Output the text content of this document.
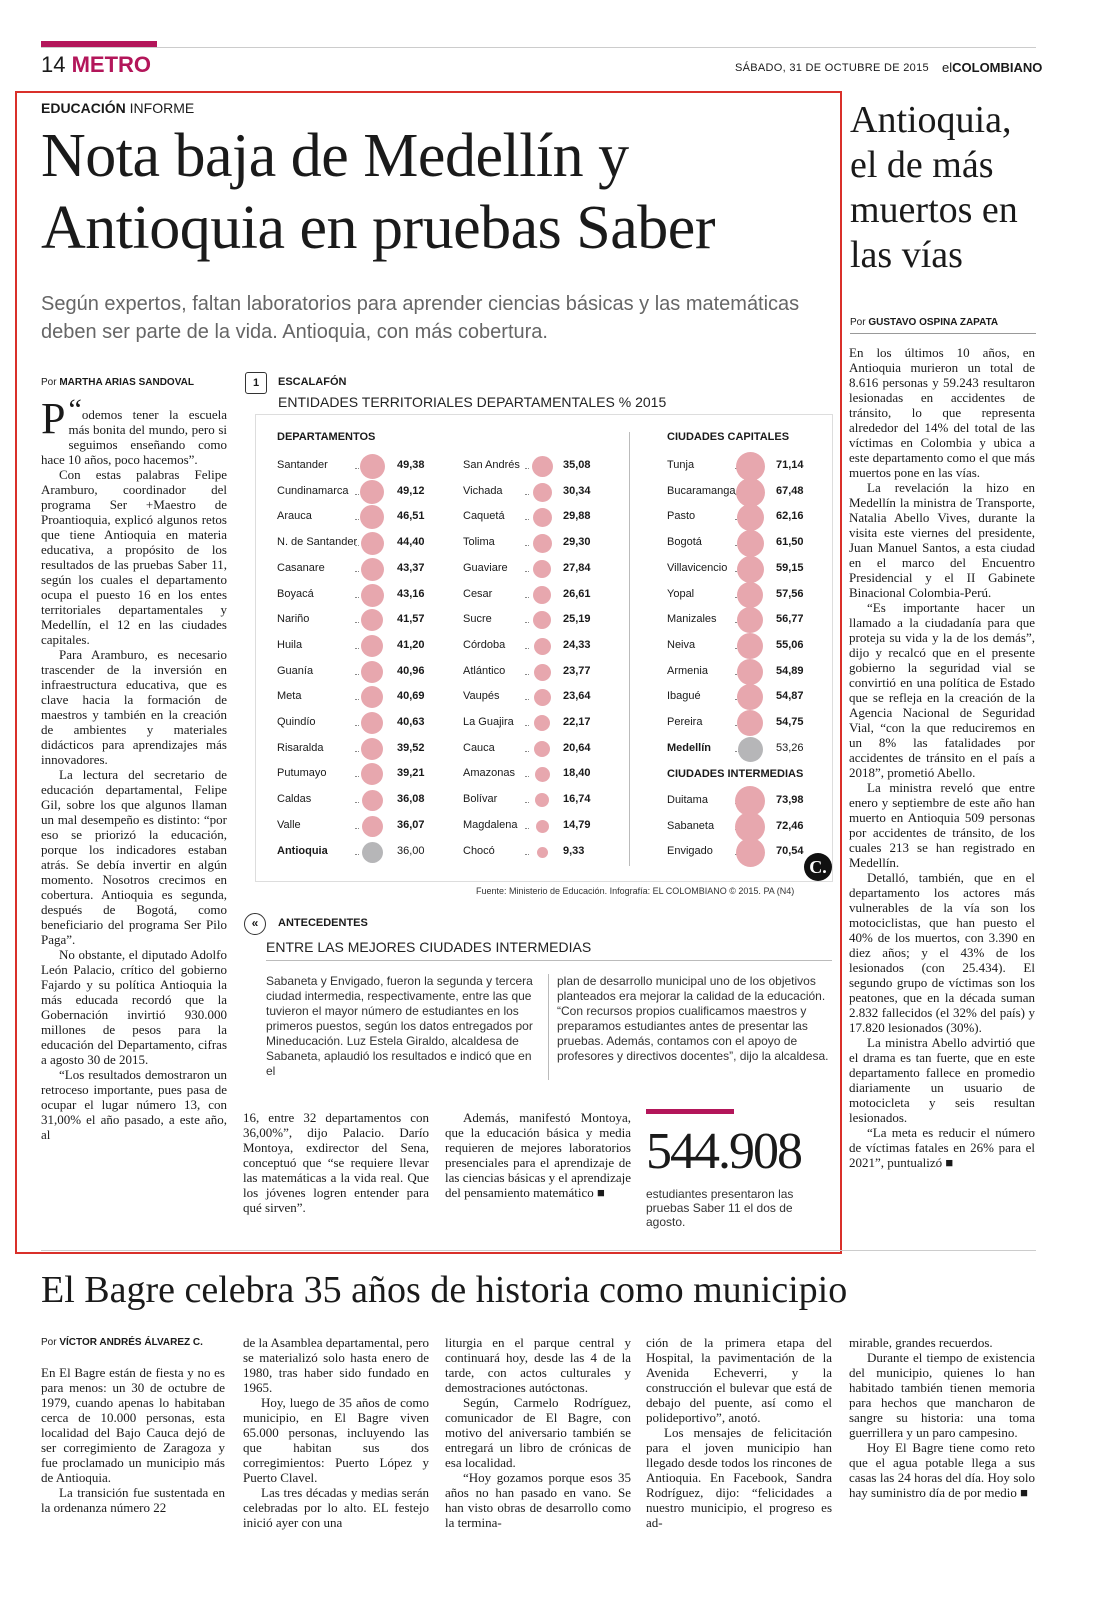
14 METRO	SÁBADO, 31 DE OCTUBRE DE 2015 elCOLOMBIANO
EDUCACIÓN INFORME
Nota baja de Medellín y Antioquia en pruebas Saber
Según expertos, faltan laboratorios para aprender ciencias básicas y las matemáticas deben ser parte de la vida. Antioquia, con más cobertura.
Por MARTHA ARIAS SANDOVAL

“
P odemos tener la escuela más bonita del mundo, pero si seguimos enseñando como hace 10 años, poco hacemos”.

Con estas palabras Felipe Aramburo, coordinador del programa Ser +Maestro de Proantioquia, explicó algunos retos que tiene Antioquia en materia educativa, a propósito de los resultados de las pruebas Saber 11, según los cuales el departamento ocupa el puesto 16 en los entes territoriales departamentales y Medellín, el 12 en las ciudades capitales.

Para Aramburo, es necesario trascender de la inversión en infraestructura educativa, que es clave hacia la formación de maestros y también en la creación de ambientes y materiales didácticos para aprendizajes más innovadores.

La lectura del secretario de educación departamental, Felipe Gil, sobre los que algunos llaman un mal desempeño es distinto: “por eso se priorizó la educación, porque los indicadores estaban atrás. Se debía invertir en algún momento. Nosotros crecimos en cobertura. Antioquia es segunda, después de Bogotá, como beneficiario del programa Ser Pilo Paga”.

No obstante, el diputado Adolfo León Palacio, crítico del gobierno Fajardo y su política Antioquia la más educada recordó que la Gobernación invirtió 930.000 millones de pesos para la educación del Departamento, cifras a agosto 30 de 2015.

“Los resultados demostraron un retroceso importante, pues pasa de ocupar el lugar número 13, con 31,00% el año pasado, a este año, al

1	ESCALAFÓN
ENTIDADES TERRITORIALES DEPARTAMENTALES % 2015
DEPARTAMENTOS	CIUDADES CAPITALES
CIUDADES INTERMEDIAS
Santander	49,38
Cundinamarca	49,12
Arauca	46,51
N. de Santander	44,40
Casanare	43,37
Boyacá	43,16
Nariño	41,57
Huila	41,20
Guanía	40,96
Meta	40,69
Quindío	40,63
Risaralda	39,52
Putumayo	39,21
Caldas	36,08
Valle	36,07
Antioquia	36,00
San Andrés	35,08
Vichada	30,34
Caquetá	29,88
Tolima	29,30
Guaviare	27,84
Cesar	26,61
Sucre	25,19
Córdoba	24,33
Atlántico	23,77
Vaupés	23,64
La Guajira	22,17
Cauca	20,64
Amazonas	18,40
Bolívar	16,74
Magdalena	14,79
Chocó	9,33
Tunja	71,14
Bucaramanga	67,48
Pasto	62,16
Bogotá	61,50
Villavicencio	59,15
Yopal	57,56
Manizales	56,77
Neiva	55,06
Armenia	54,89
Ibagué	54,87
Pereira	54,75
Medellín	53,26
Duitama	73,98
Sabaneta	72,46
Envigado	70,54
C.
Fuente: Ministerio de Educación. Infografía: EL COLOMBIANO © 2015. PA (N4)
«	ANTECEDENTES
ENTRE LAS MEJORES CIUDADES INTERMEDIAS
Sabaneta y Envigado, fueron la segunda y tercera ciudad intermedia, respectivamente, entre las que tuvieron el mayor número de estudiantes en los primeros puestos, según los datos entregados por Mineducación. Luz Estela Giraldo, alcaldesa de Sabaneta, aplaudió los resultados e indicó que en el
plan de desarrollo municipal uno de los objetivos planteados era mejorar la calidad de la educación. “Con recursos propios cualificamos maestros y preparamos estudiantes antes de presentar las pruebas. Además, contamos con el apoyo de profesores y directivos docentes”, dijo la alcaldesa.

16, entre 32 departamentos con 36,00%”, dijo Palacio. Darío Montoya, exdirector del Sena, conceptuó que “se requiere llevar las matemáticas a la vida real. Que los jóvenes logren entender para qué sirven”.

Además, manifestó Montoya, que la educación básica y media requieren de mejores laboratorios presenciales para el aprendizaje de las ciencias básicas y el aprendizaje del pensamiento matemático ■

544.908
estudiantes presentaron las pruebas Saber 11 el dos de agosto.
Antioquia, el de más muertos en las vías
Por GUSTAVO OSPINA ZAPATA

En los últimos 10 años, en Antioquia murieron un total de 8.616 personas y 59.243 resultaron lesionadas en accidentes de tránsito, lo que representa alrededor del 14% del total de las víctimas en Colombia y ubica a este departamento como el que más muertos pone en las vías.

La revelación la hizo en Medellín la ministra de Transporte, Natalia Abello Vives, durante la visita este viernes del presidente, Juan Manuel Santos, a esta ciudad en el marco del Encuentro Presidencial y el II Gabinete Binacional Colombia-Perú.

“Es importante hacer un llamado a la ciudadanía para que proteja su vida y la de los demás”, dijo y recalcó que en el presente gobierno la seguridad vial se convirtió en una política de Estado que se refleja en la creación de la Agencia Nacional de Seguridad Vial, “con la que reduciremos en un 8% las fatalidades por accidentes de tránsito en el país a 2018”, prometió Abello.

La ministra reveló que entre enero y septiembre de este año han muerto en Antioquia 509 personas por accidentes de tránsito, de los cuales 213 se han registrado en Medellín.

Detalló, también, que en el departamento los actores más vulnerables de la vía son los motociclistas, que han puesto el 40% de los muertos, con 3.390 en diez años; y el 43% de los lesionados (con 25.434). El segundo grupo de víctimas son los peatones, que en la década suman 2.832 fallecidos (el 32% del país) y 17.820 lesionados (30%).

La ministra Abello advirtió que el drama es tan fuerte, que en este departamento fallece en promedio diariamente un usuario de motocicleta y seis resultan lesionados.

“La meta es reducir el número de víctimas fatales en 26% para el 2021”, puntualizó ■

El Bagre celebra 35 años de historia como municipio
Por VÍCTOR ANDRÉS ÁLVAREZ C.

En El Bagre están de fiesta y no es para menos: un 30 de octubre de 1979, cuando apenas lo habitaban cerca de 10.000 personas, esta localidad del Bajo Cauca dejó de ser corregimiento de Zaragoza y fue proclamado un municipio más de Antioquia.

La transición fue sustentada en la ordenanza número 22

de la Asamblea departamental, pero se materializó solo hasta enero de 1980, tras haber sido fundado en 1965.

Hoy, luego de 35 años de como municipio, en El Bagre viven 65.000 personas, incluyendo las que habitan sus dos corregimientos: Puerto López y Puerto Clavel.

Las tres décadas y medias serán celebradas por lo alto. EL festejo inició ayer con una

liturgia en el parque central y continuará hoy, desde las 4 de la tarde, con actos culturales y demostraciones autóctonas.

Según, Carmelo Rodríguez, comunicador de El Bagre, con motivo del aniversario también se entregará un libro de crónicas de esa localidad.

“Hoy gozamos porque esos 35 años no han pasado en vano. Se han visto obras de desarrollo como la termina-

ción de la primera etapa del Hospital, la pavimentación de la Avenida Echeverri, y la construcción el bulevar que está de debajo del puente, así como el polideportivo”, anotó.

Los mensajes de felicitación para el joven municipio han llegado desde todos los rincones de Antioquia. En Facebook, Sandra Rodríguez, dijo: “felicidades a nuestro municipio, el progreso es ad-

mirable, grandes recuerdos.

Durante el tiempo de existencia del municipio, quienes lo han habitado también tienen memoria para hechos que mancharon de sangre su historia: una toma guerrillera y un paro campesino.

Hoy El Bagre tiene como reto que el agua potable llega a sus casas las 24 horas del día. Hoy solo hay suministro día de por medio ■
